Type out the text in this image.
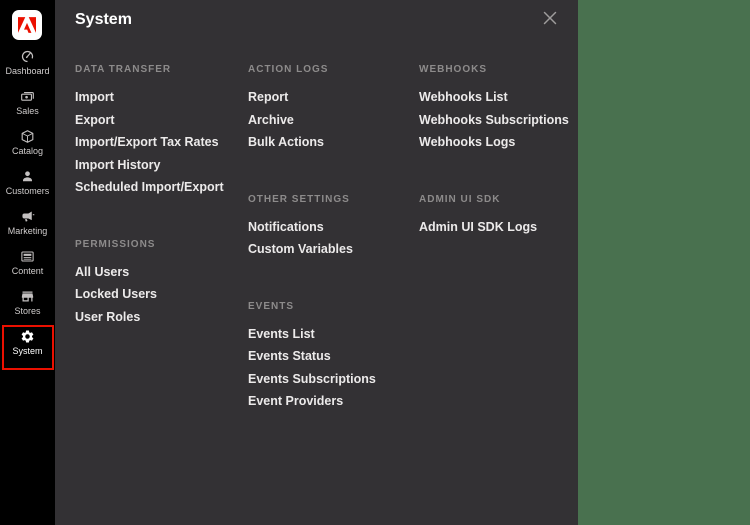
Dashboard
Sales
Catalog
Customers
Marketing
Content
Stores
System
System
DATA TRANSFER
Import
Export
Import/Export Tax Rates
Import History
Scheduled Import/Export
PERMISSIONS
All Users
Locked Users
User Roles
ACTION LOGS
Report
Archive
Bulk Actions
OTHER SETTINGS
Notifications
Custom Variables
EVENTS
Events List
Events Status
Events Subscriptions
Event Providers
WEBHOOKS
Webhooks List
Webhooks Subscriptions
Webhooks Logs
ADMIN UI SDK
Admin UI SDK Logs
